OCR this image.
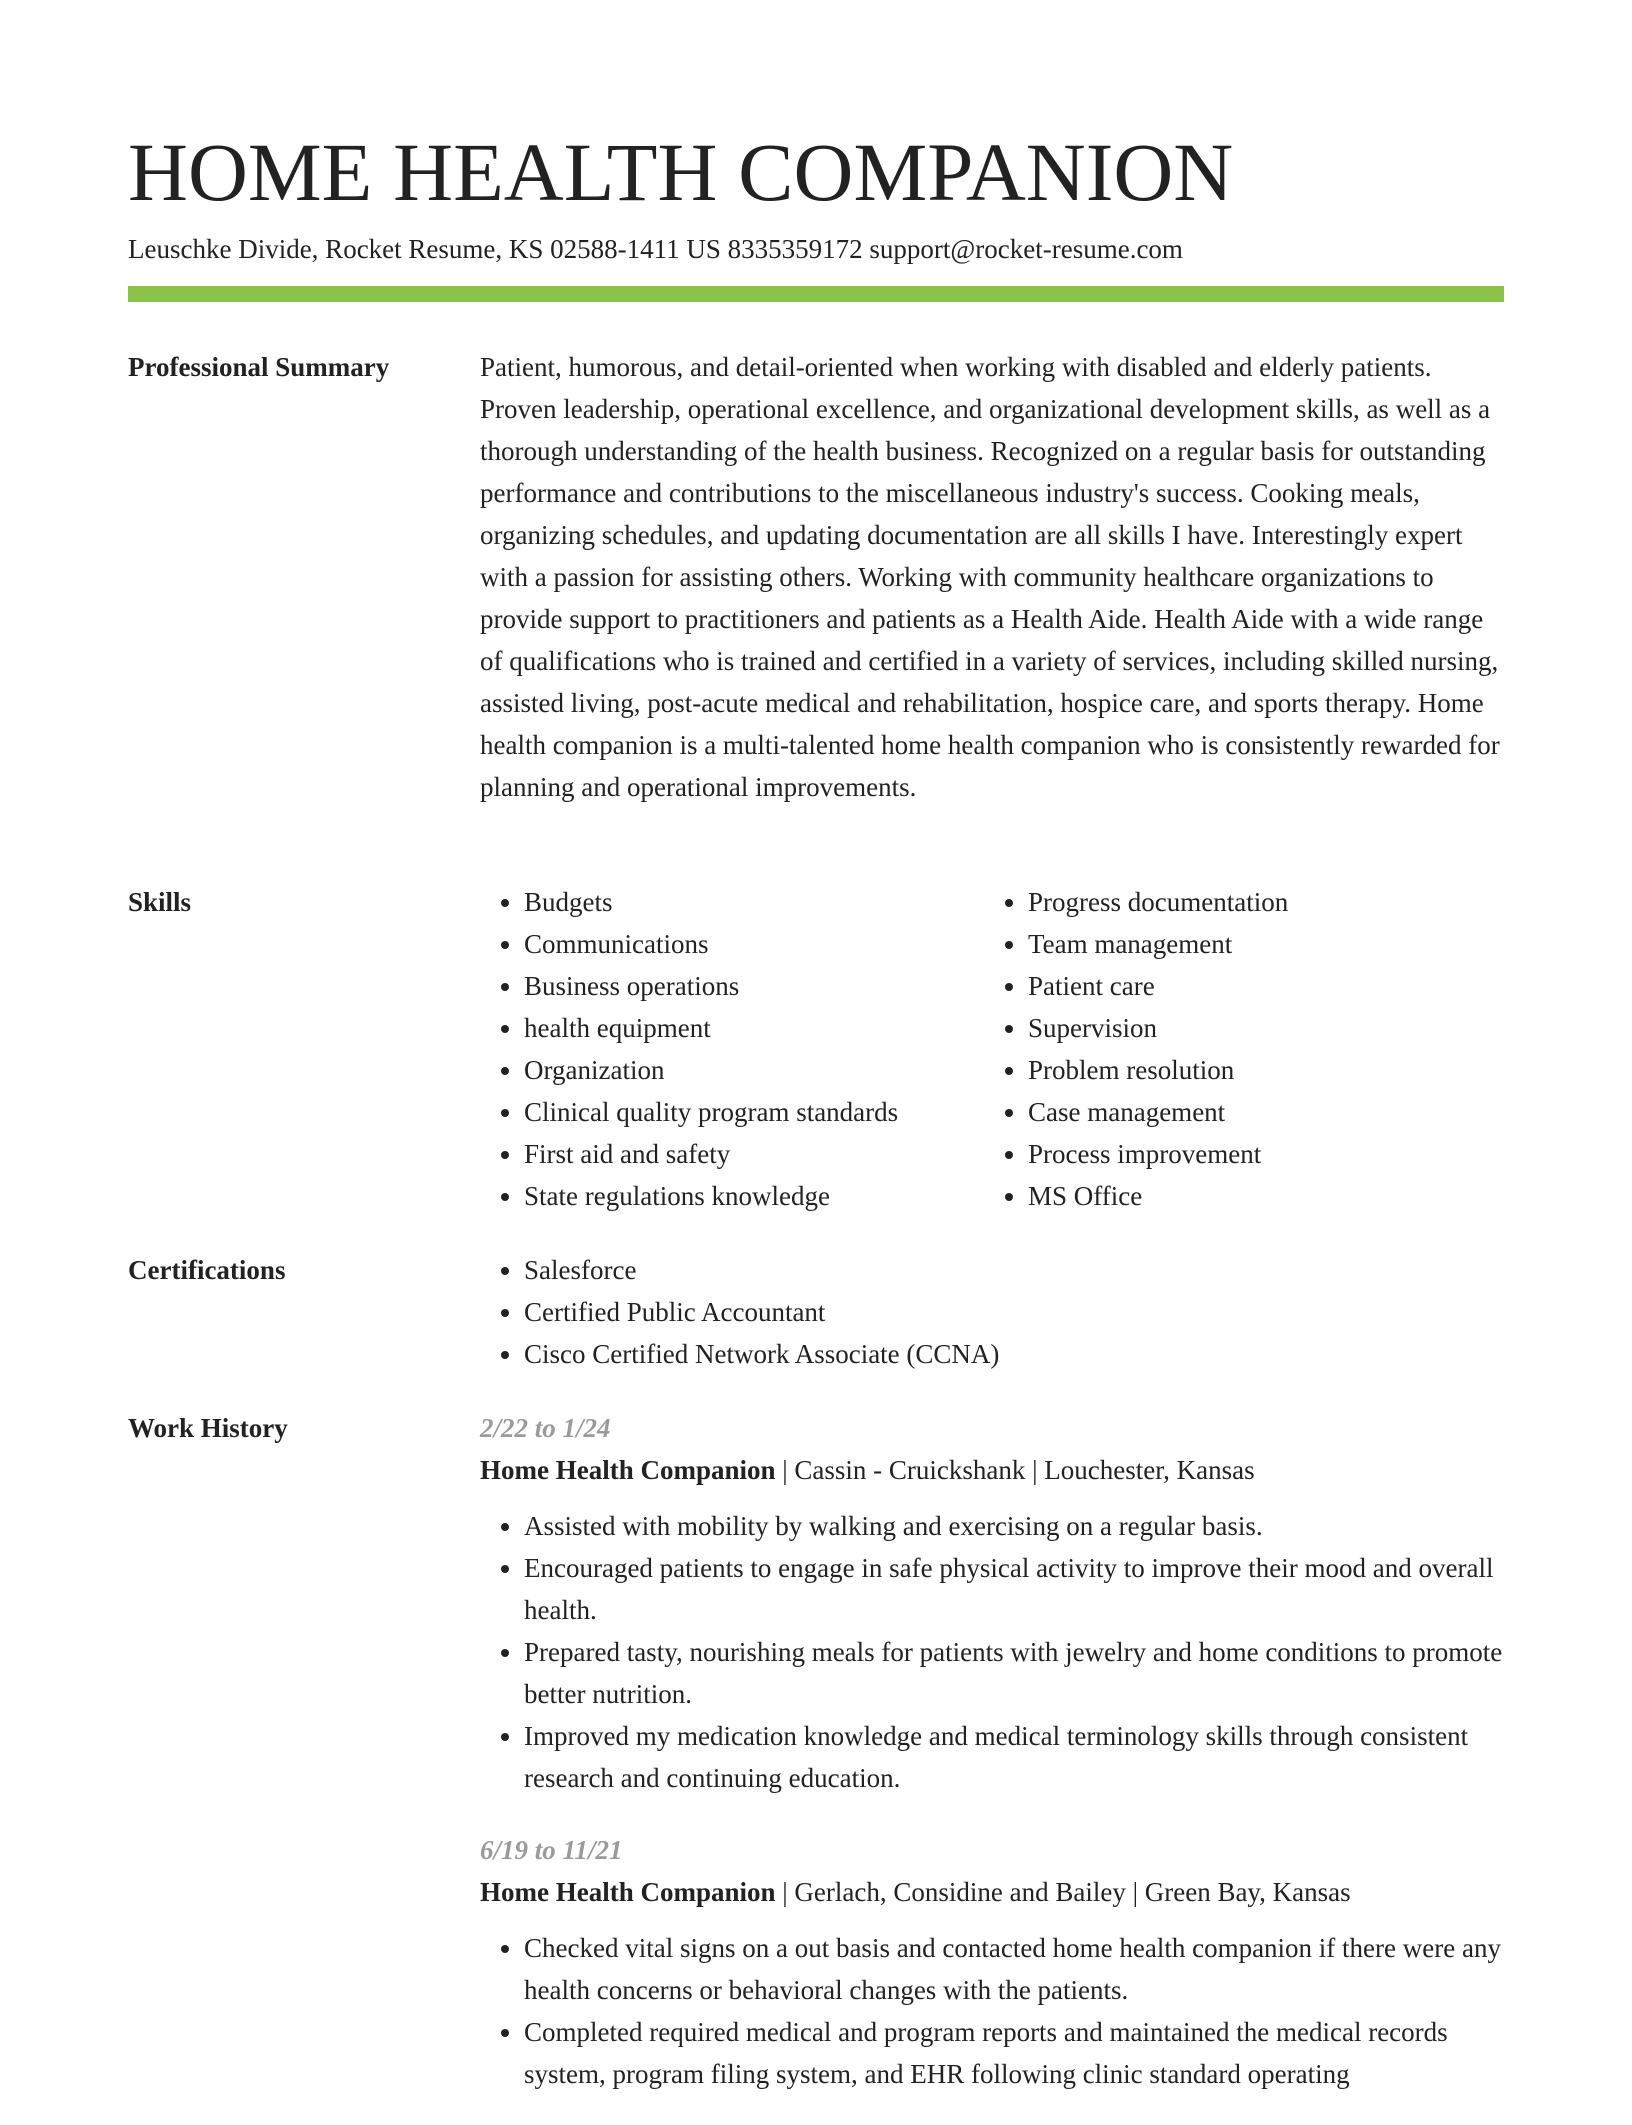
HOME HEALTH COMPANION
Leuschke Divide, Rocket Resume, KS 02588-1411 US 8335359172 support@rocket-resume.com
Professional Summary	Patient, humorous, and detail-oriented when working with disabled and elderly patients. Proven leadership, operational excellence, and organizational development skills, as well as a thorough understanding of the health business. Recognized on a regular basis for outstanding performance and contributions to the miscellaneous industry's success. Cooking meals, organizing schedules, and updating documentation are all skills I have. Interestingly expert with a passion for assisting others. Working with community healthcare organizations to provide support to practitioners and patients as a Health Aide. Health Aide with a wide range of qualifications who is trained and certified in a variety of services, including skilled nursing, assisted living, post-acute medical and rehabilitation, hospice care, and sports therapy. Home health companion is a multi-talented home health companion who is consistently rewarded for planning and operational improvements.

Skills	• Budgets
• Communications
• Business operations
• health equipment
• Organization
• Clinical quality program standards
• First aid and safety
• State regulations knowledge
• Progress documentation
• Team management
• Patient care
• Supervision
• Problem resolution
• Case management
• Process improvement
• MS Office
Certifications	• Salesforce
• Certified Public Accountant
• Cisco Certified Network Associate (CCNA)
Work History	2/22 to 1/24
Home Health Companion | Cassin - Cruickshank | Louchester, Kansas
• Assisted with mobility by walking and exercising on a regular basis.
• Encouraged patients to engage in safe physical activity to improve their mood and overall health.
• Prepared tasty, nourishing meals for patients with jewelry and home conditions to promote better nutrition.
• Improved my medication knowledge and medical terminology skills through consistent research and continuing education.
6/19 to 11/21
Home Health Companion | Gerlach, Considine and Bailey | Green Bay, Kansas
• Checked vital signs on a out basis and contacted home health companion if there were any health concerns or behavioral changes with the patients.
• Completed required medical and program reports and maintained the medical records system, program filing system, and EHR following clinic standard operating
